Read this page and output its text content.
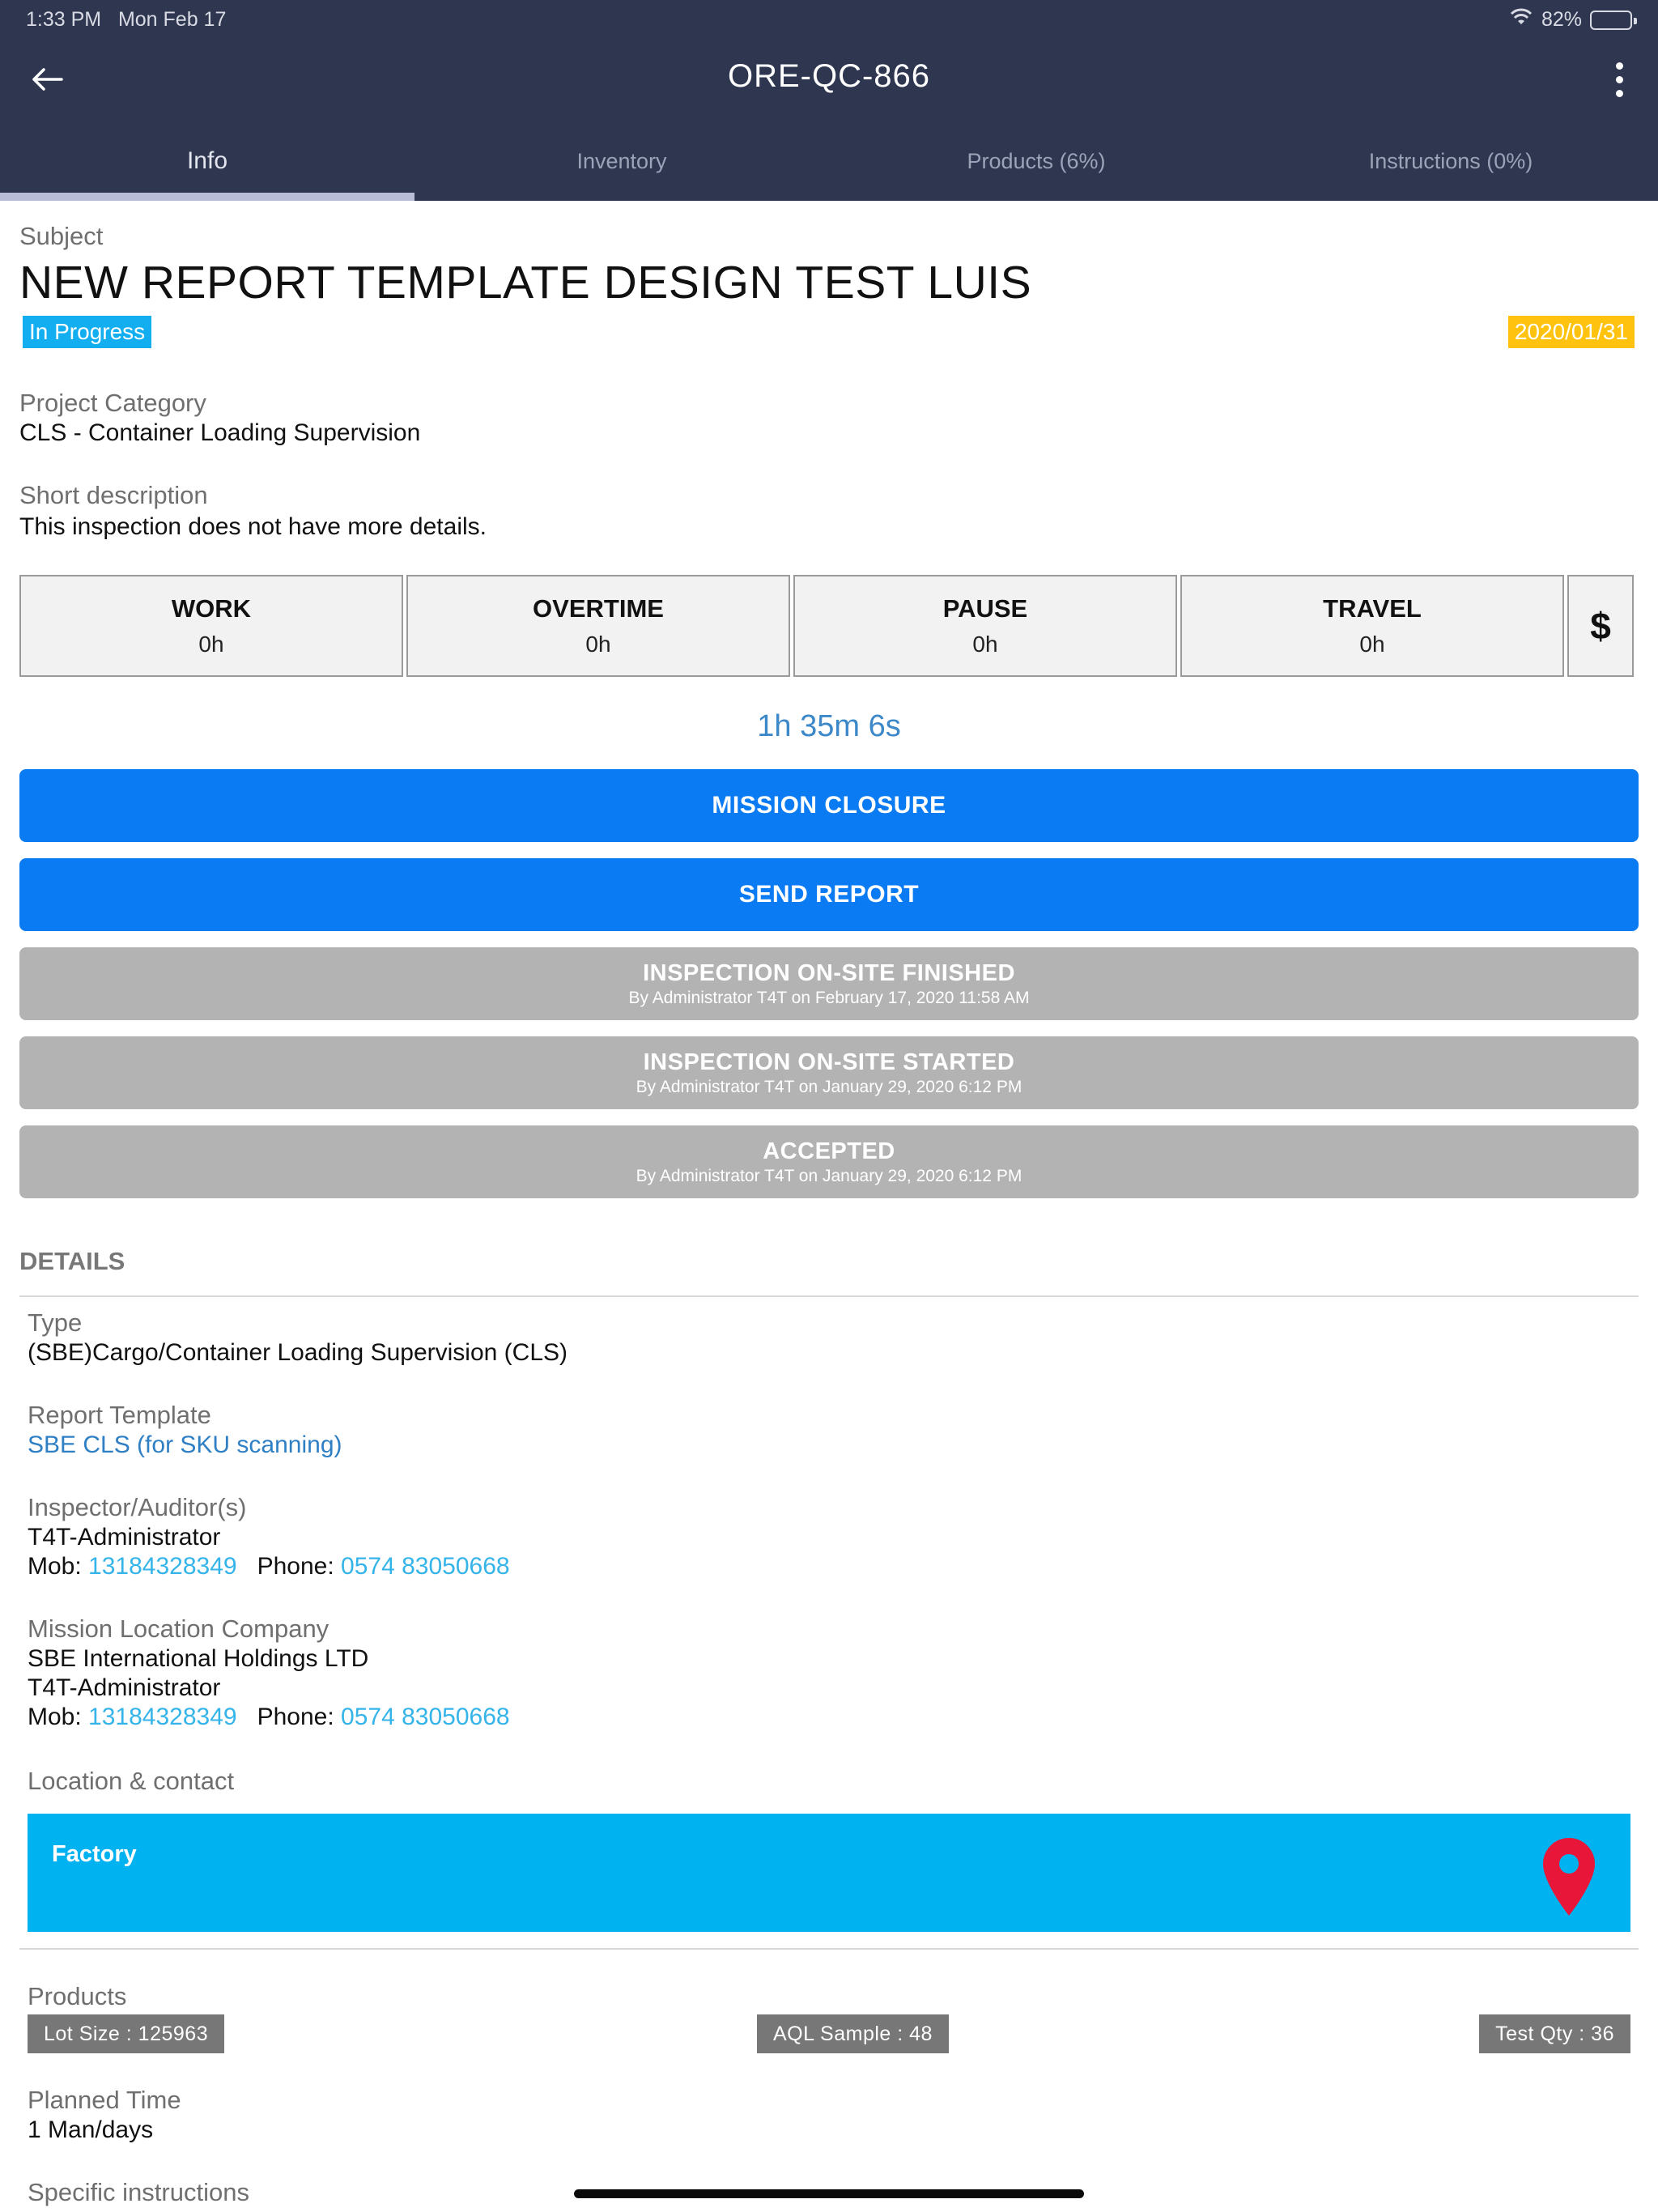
1:33 PM Mon Feb 17	82%
ORE-QC-866
Info	Inventory	Products (6%)	Instructions (0%)
Subject
NEW REPORT TEMPLATE DESIGN TEST LUIS
In Progress	2020/01/31
Project Category
CLS - Container Loading Supervision
Short description
This inspection does not have more details.
WORK
0h
OVERTIME
0h
PAUSE
0h
TRAVEL
0h	$
1h 35m 6s
MISSION CLOSURE
SEND REPORT
INSPECTION ON-SITE FINISHED
By Administrator T4T on February 17, 2020 11:58 AM
INSPECTION ON-SITE STARTED
By Administrator T4T on January 29, 2020 6:12 PM
ACCEPTED
By Administrator T4T on January 29, 2020 6:12 PM
DETAILS
Type
(SBE)Cargo/Container Loading Supervision (CLS)
Report Template
SBE CLS (for SKU scanning)
Inspector/Auditor(s)
T4T-Administrator
Mob: 13184328349 Phone: 0574 83050668
Mission Location Company
SBE International Holdings LTD
T4T-Administrator
Mob: 13184328349 Phone: 0574 83050668
Location & contact
Factory
Products
Lot Size : 125963	AQL Sample : 48	Test Qty : 36
Planned Time
1 Man/days
Specific instructions
